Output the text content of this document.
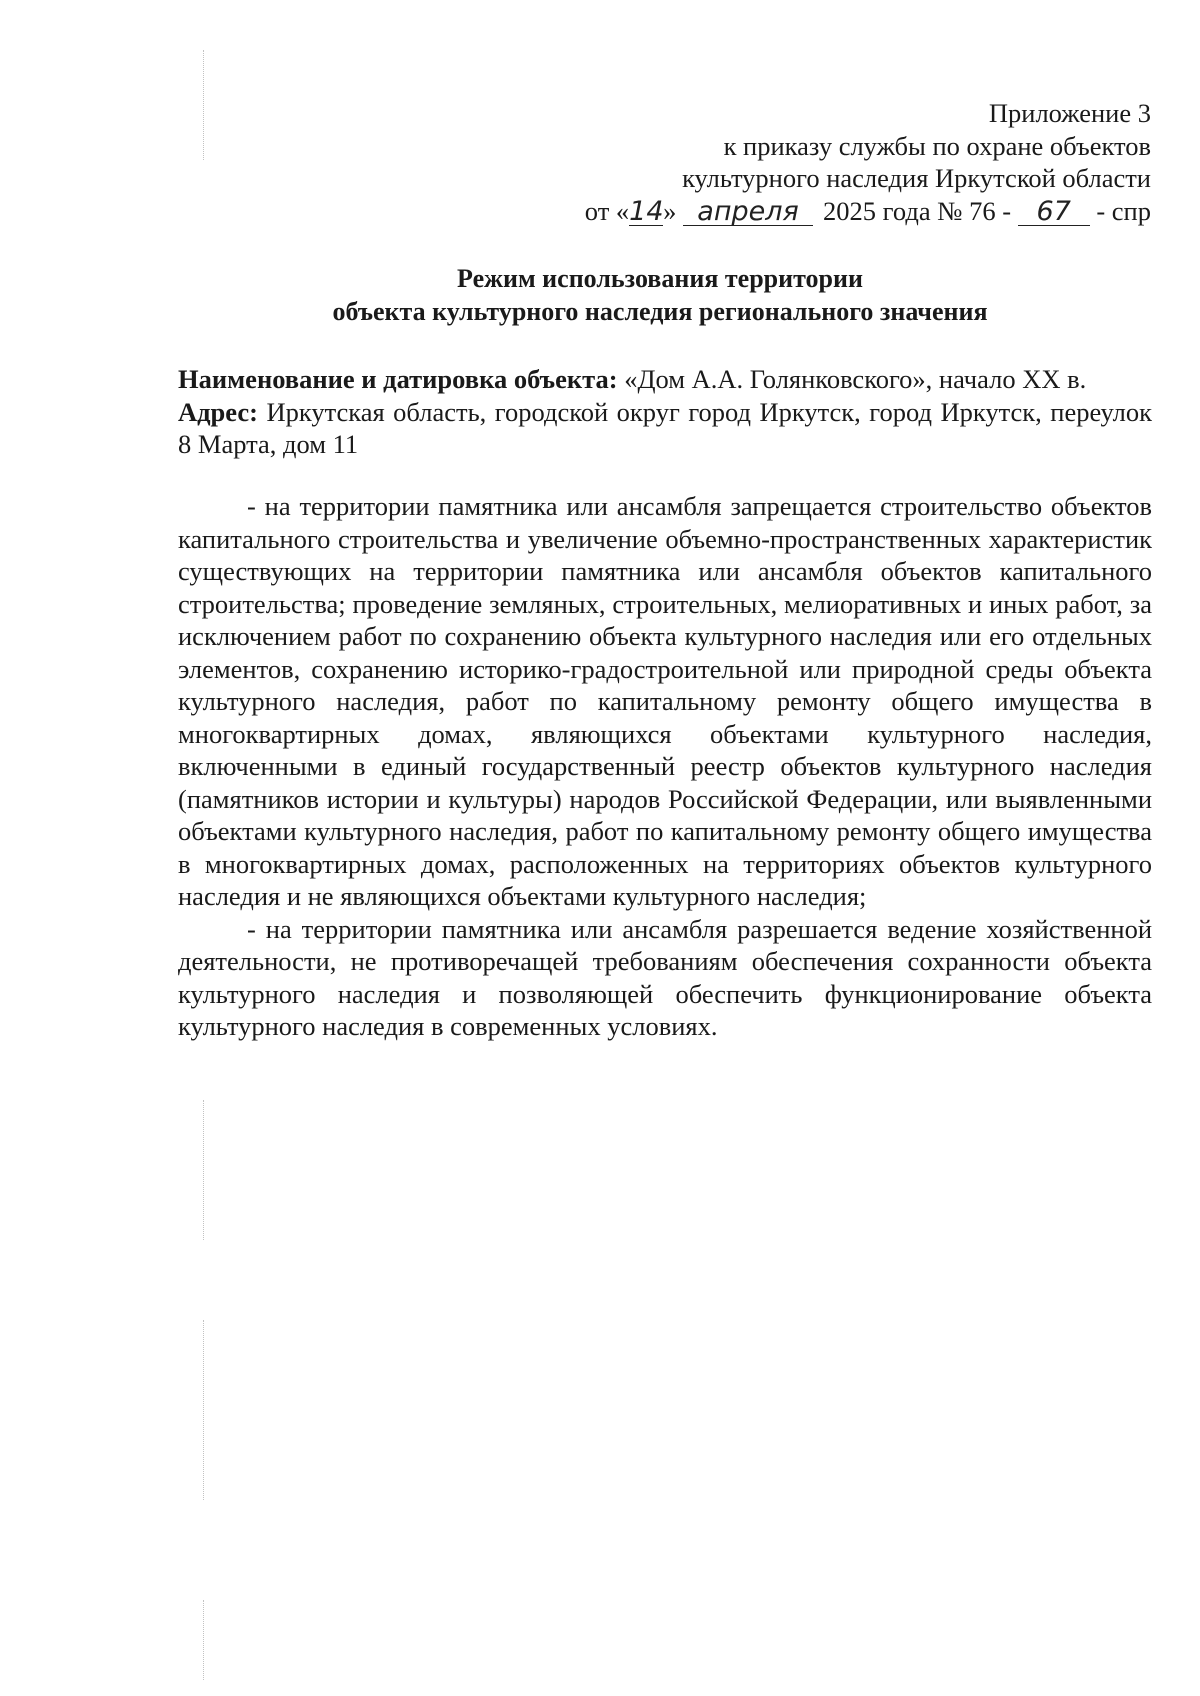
Приложение 3
к приказу службы по охране объектов
культурного наследия Иркутской области
от «14» апреля 2025 года № 76 - 67 - спр
Режим использования территории
объекта культурного наследия регионального значения
Наименование и датировка объекта: «Дом А.А. Голянковского», начало XX в.
Адрес: Иркутская область, городской округ город Иркутск, город Иркутск, переулок 8 Марта, дом 11

- на территории памятника или ансамбля запрещается строительство объектов капитального строительства и увеличение объемно-пространственных характеристик существующих на территории памятника или ансамбля объектов капитального строительства; проведение земляных, строительных, мелиоративных и иных работ, за исключением работ по сохранению объекта культурного наследия или его отдельных элементов, сохранению историко-градостроительной или природной среды объекта культурного наследия, работ по капитальному ремонту общего имущества в многоквартирных домах, являющихся объектами культурного наследия, включенными в единый государственный реестр объектов культурного наследия (памятников истории и культуры) народов Российской Федерации, или выявленными объектами культурного наследия, работ по капитальному ремонту общего имущества в многоквартирных домах, расположенных на территориях объектов культурного наследия и не являющихся объектами культурного наследия;

- на территории памятника или ансамбля разрешается ведение хозяйственной деятельности, не противоречащей требованиям обеспечения сохранности объекта культурного наследия и позволяющей обеспечить функционирование объекта культурного наследия в современных условиях.
